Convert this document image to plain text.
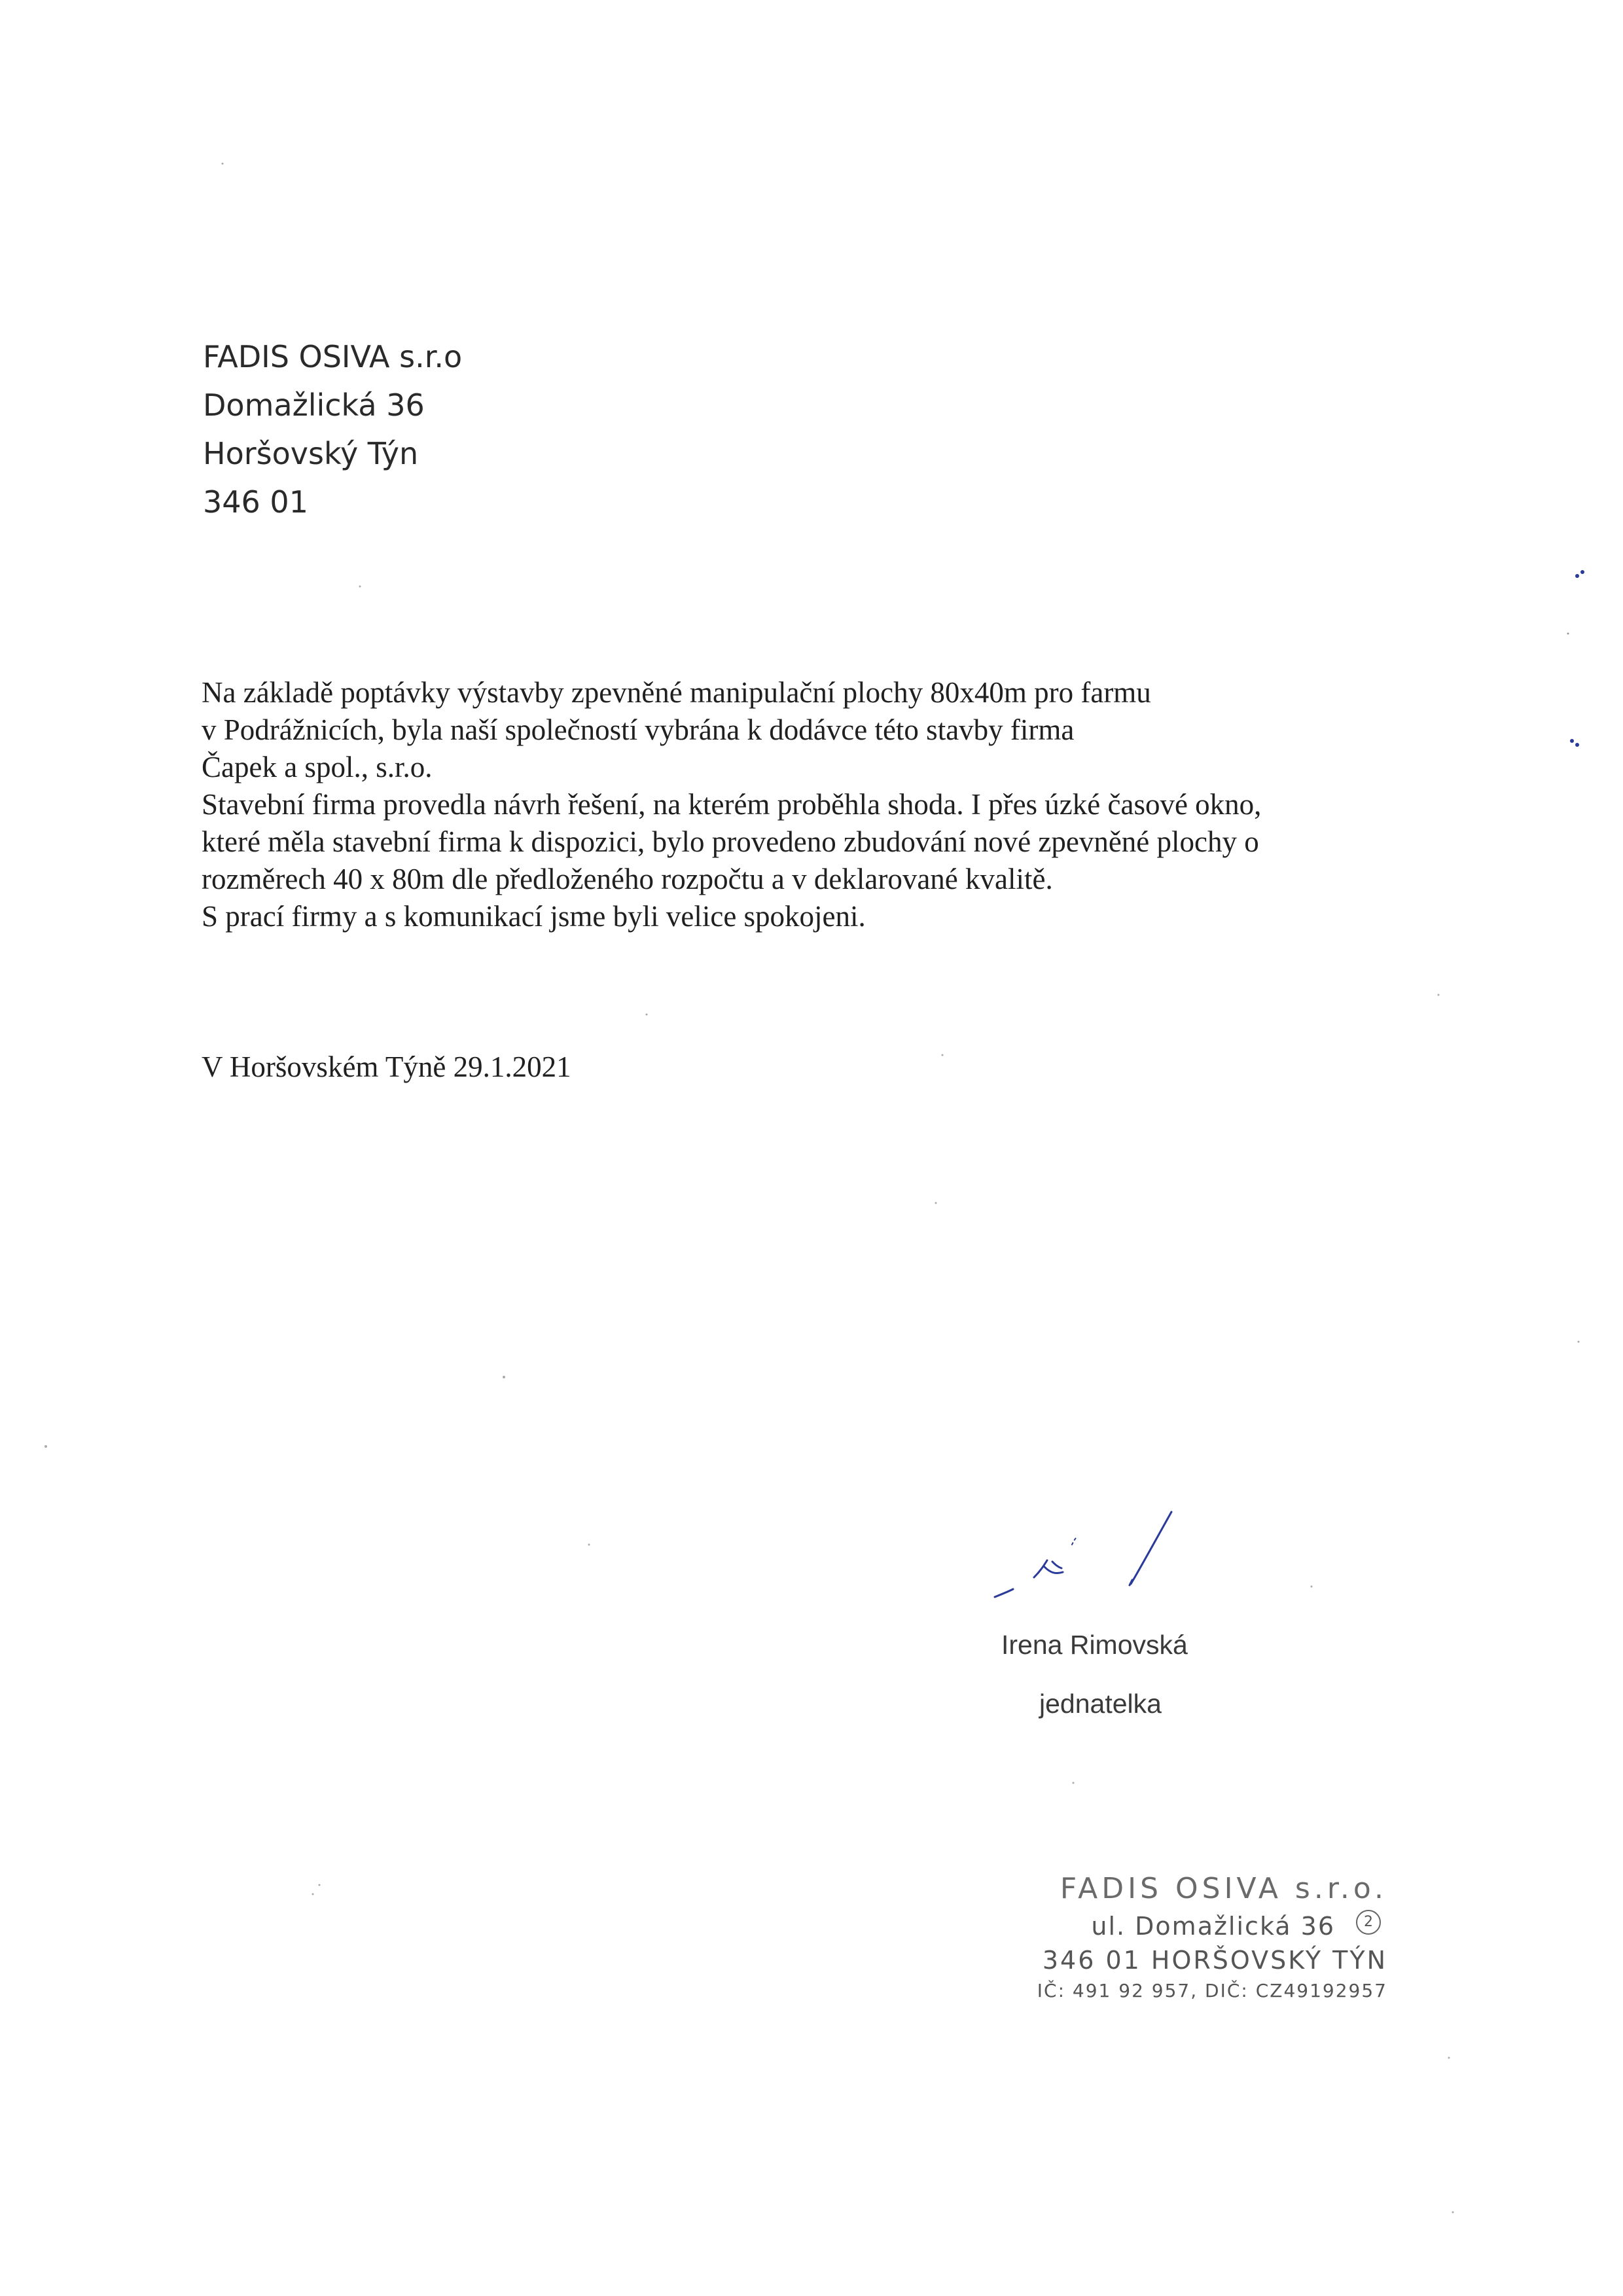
FADIS OSIVA s.r.o
Domažlická 36
Horšovský Týn
346 01
Na základě poptávky výstavby zpevněné manipulační plochy 80x40m pro farmu
v Podrážnicích, byla naší společností vybrána k dodávce této stavby firma
Čapek a spol., s.r.o.
Stavební firma provedla návrh řešení, na kterém proběhla shoda. I přes úzké časové okno,
které měla stavební firma k dispozici, bylo provedeno zbudování nové zpevněné plochy o
rozměrech 40 x 80m dle předloženého rozpočtu a v deklarované kvalitě.
S prací firmy a s komunikací jsme byli velice spokojeni.
V Horšovském Týně 29.1.2021
Irena Rimovská
jednatelka
FADIS OSIVA s.r.o.
ul. Domažlická 36
346 01 HORŠOVSKÝ TÝN
IČ: 491 92 957, DIČ: CZ49192957
2
